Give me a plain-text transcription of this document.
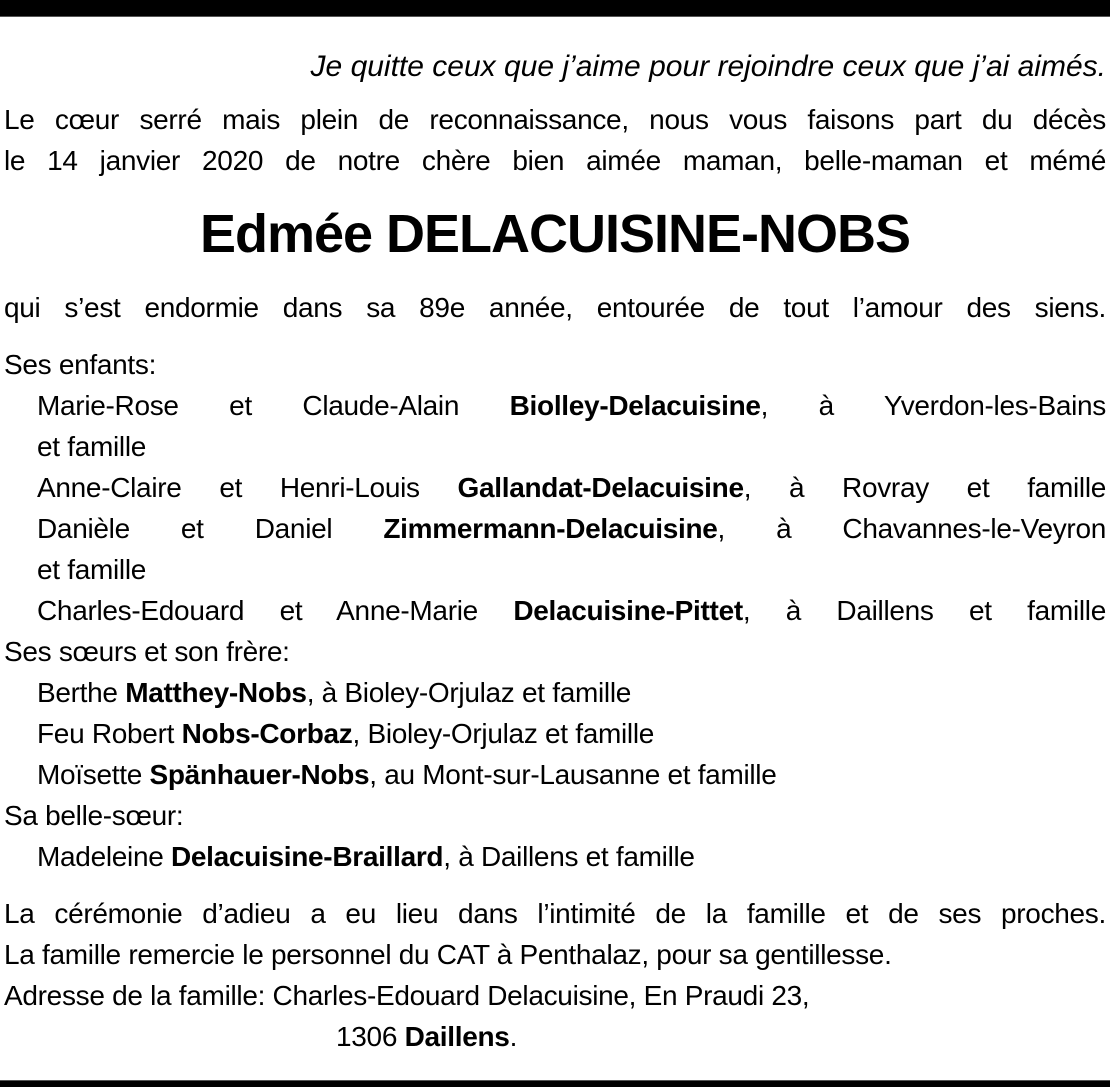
Je quitte ceux que j’aime pour rejoindre ceux que j’ai aimés.
Le cœur serré mais plein de reconnaissance, nous vous faisons part du décès
le 14 janvier 2020 de notre chère bien aimée maman, belle-maman et mémé
Edmée DELACUISINE-NOBS
qui s’est endormie dans sa 89e année, entourée de tout l’amour des siens.
Ses enfants:
Marie-Rose et Claude-Alain Biolley-Delacuisine, à Yverdon-les-Bains
et famille
Anne-Claire et Henri-Louis Gallandat-Delacuisine, à Rovray et famille
Danièle et Daniel Zimmermann-Delacuisine, à Chavannes-le-Veyron
et famille
Charles-Edouard et Anne-Marie Delacuisine-Pittet, à Daillens et famille
Ses sœurs et son frère:
Berthe Matthey-Nobs, à Bioley-Orjulaz et famille
Feu Robert Nobs-Corbaz, Bioley-Orjulaz et famille
Moïsette Spänhauer-Nobs, au Mont-sur-Lausanne et famille
Sa belle-sœur:
Madeleine Delacuisine-Braillard, à Daillens et famille
La cérémonie d’adieu a eu lieu dans l’intimité de la famille et de ses proches.
La famille remercie le personnel du CAT à Penthalaz, pour sa gentillesse.
Adresse de la famille: Charles-Edouard Delacuisine, En Praudi 23,
1306 Daillens.
